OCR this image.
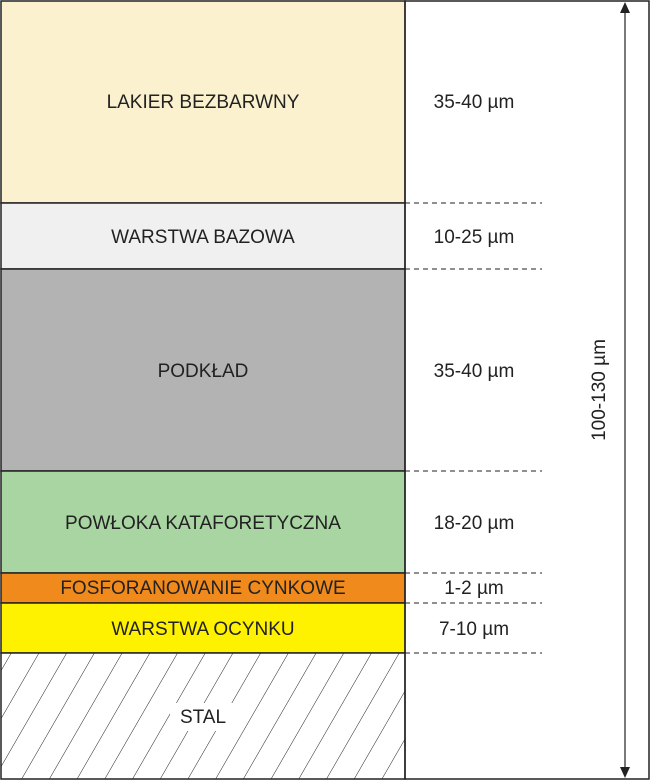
LAKIER BEZBARWNY	35-40 µm
WARSTWA BAZOWA	10-25 µm
PODKŁAD	35-40 µm
POWŁOKA KATAFORETYCZNA	18-20 µm
FOSFORANOWANIE CYNKOWE	1-2 µm
WARSTWA OCYNKU	7-10 µm
STAL
100-130 µm
